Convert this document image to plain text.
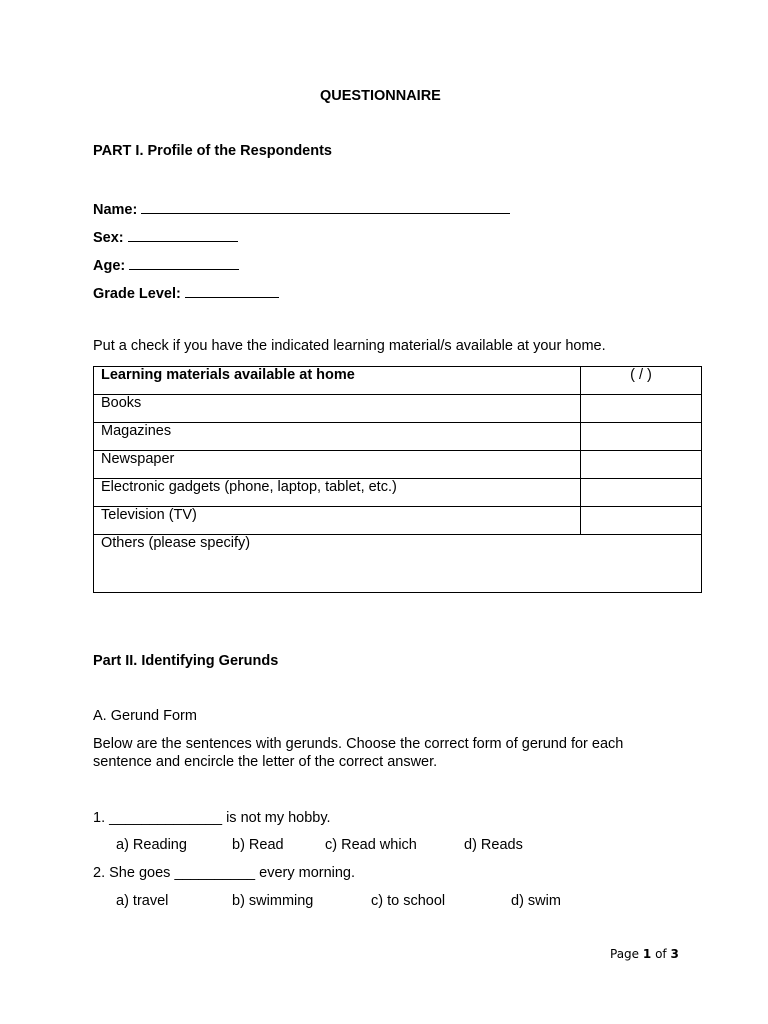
QUESTIONNAIRE
PART I. Profile of the Respondents
Name:
Sex:
Age:
Grade Level:
Put a check if you have the indicated learning material/s available at your home.
Learning materials available at home	( / )
Books	
Magazines	
Newspaper	
Electronic gadgets (phone, laptop, tablet, etc.)	
Television (TV)	
Others (please specify)	
Part II. Identifying Gerunds
A. Gerund Form
Below are the sentences with gerunds. Choose the correct form of gerund for each
sentence and encircle the letter of the correct answer.
1. ______________ is not my hobby.
a) Reading	b) Read	c) Read which	d) Reads
2. She goes __________ every morning.
a) travel	b) swimming	c) to school	d) swim
Page 1 of 3
